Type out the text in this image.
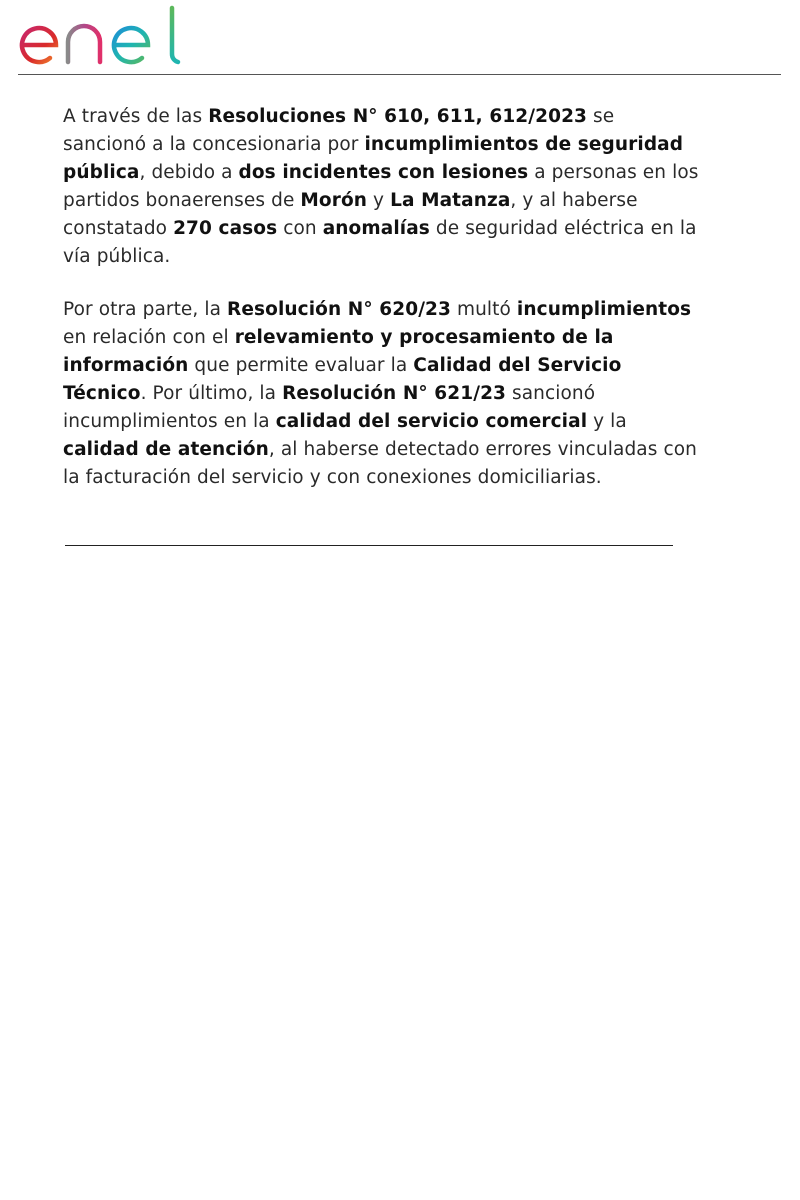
A través de las Resoluciones N° 610, 611, 612/2023 se sancionó a la concesionaria por incumplimientos de seguridad pública, debido a dos incidentes con lesiones a personas en los partidos bonaerenses de Morón y La Matanza, y al haberse constatado 270 casos con anomalías de seguridad eléctrica en la vía pública.

Por otra parte, la Resolución N° 620/23 multó incumplimientos en relación con el relevamiento y procesamiento de la información que permite evaluar la Calidad del Servicio Técnico. Por último, la Resolución N° 621/23 sancionó incumplimientos en la calidad del servicio comercial y la calidad de atención, al haberse detectado errores vinculadas con la facturación del servicio y con conexiones domiciliarias.
